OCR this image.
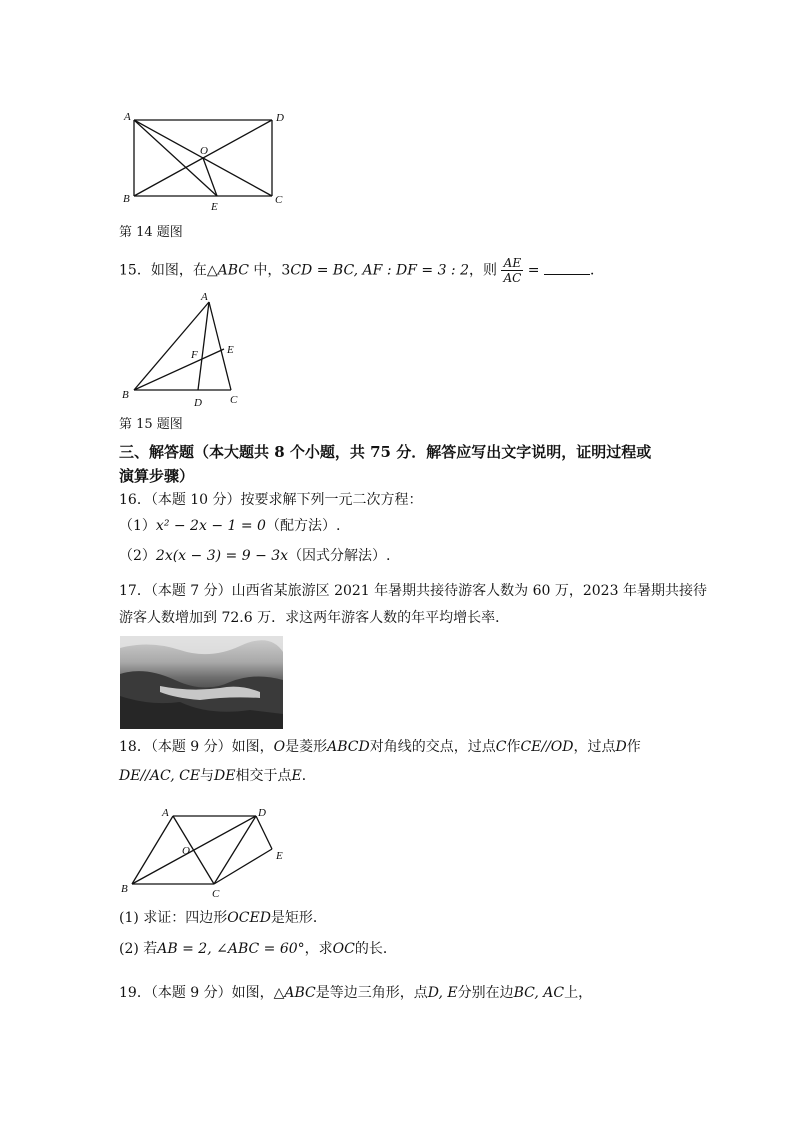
A	D
O
B
E
C
第 14 题图
15．如图，在△ABC 中，3CD = BC, AF : DF = 3 : 2，则 $\frac{AE}{AC}$ =	．
A
F	E
B
D	C
第 15 题图
三、解答题（本大题共 8 个小题，共 75 分．解答应写出文字说明，证明过程或
演算步骤）
16．（本题 10 分）按要求解下列一元二次方程：
（1）x² − 2x − 1 = 0（配方法）.
（2）2x(x − 3) = 9 − 3x（因式分解法）.
17．（本题 7 分）山西省某旅游区 2021 年暑期共接待游客人数为 60 万，2023 年暑期共接待
游客人数增加到 72.6 万．求这两年游客人数的年平均增长率．
18．（本题 9 分）如图，O是菱形ABCD对角线的交点，过点C作CE//OD，过点D作
DE//AC, CE与DE相交于点E．
A	D
O	E
B	C
(1) 求证：四边形OCED是矩形．
(2) 若AB = 2, ∠ABC = 60°，求OC的长．
19．（本题 9 分）如图，△ABC是等边三角形，点D, E分别在边BC, AC上，
